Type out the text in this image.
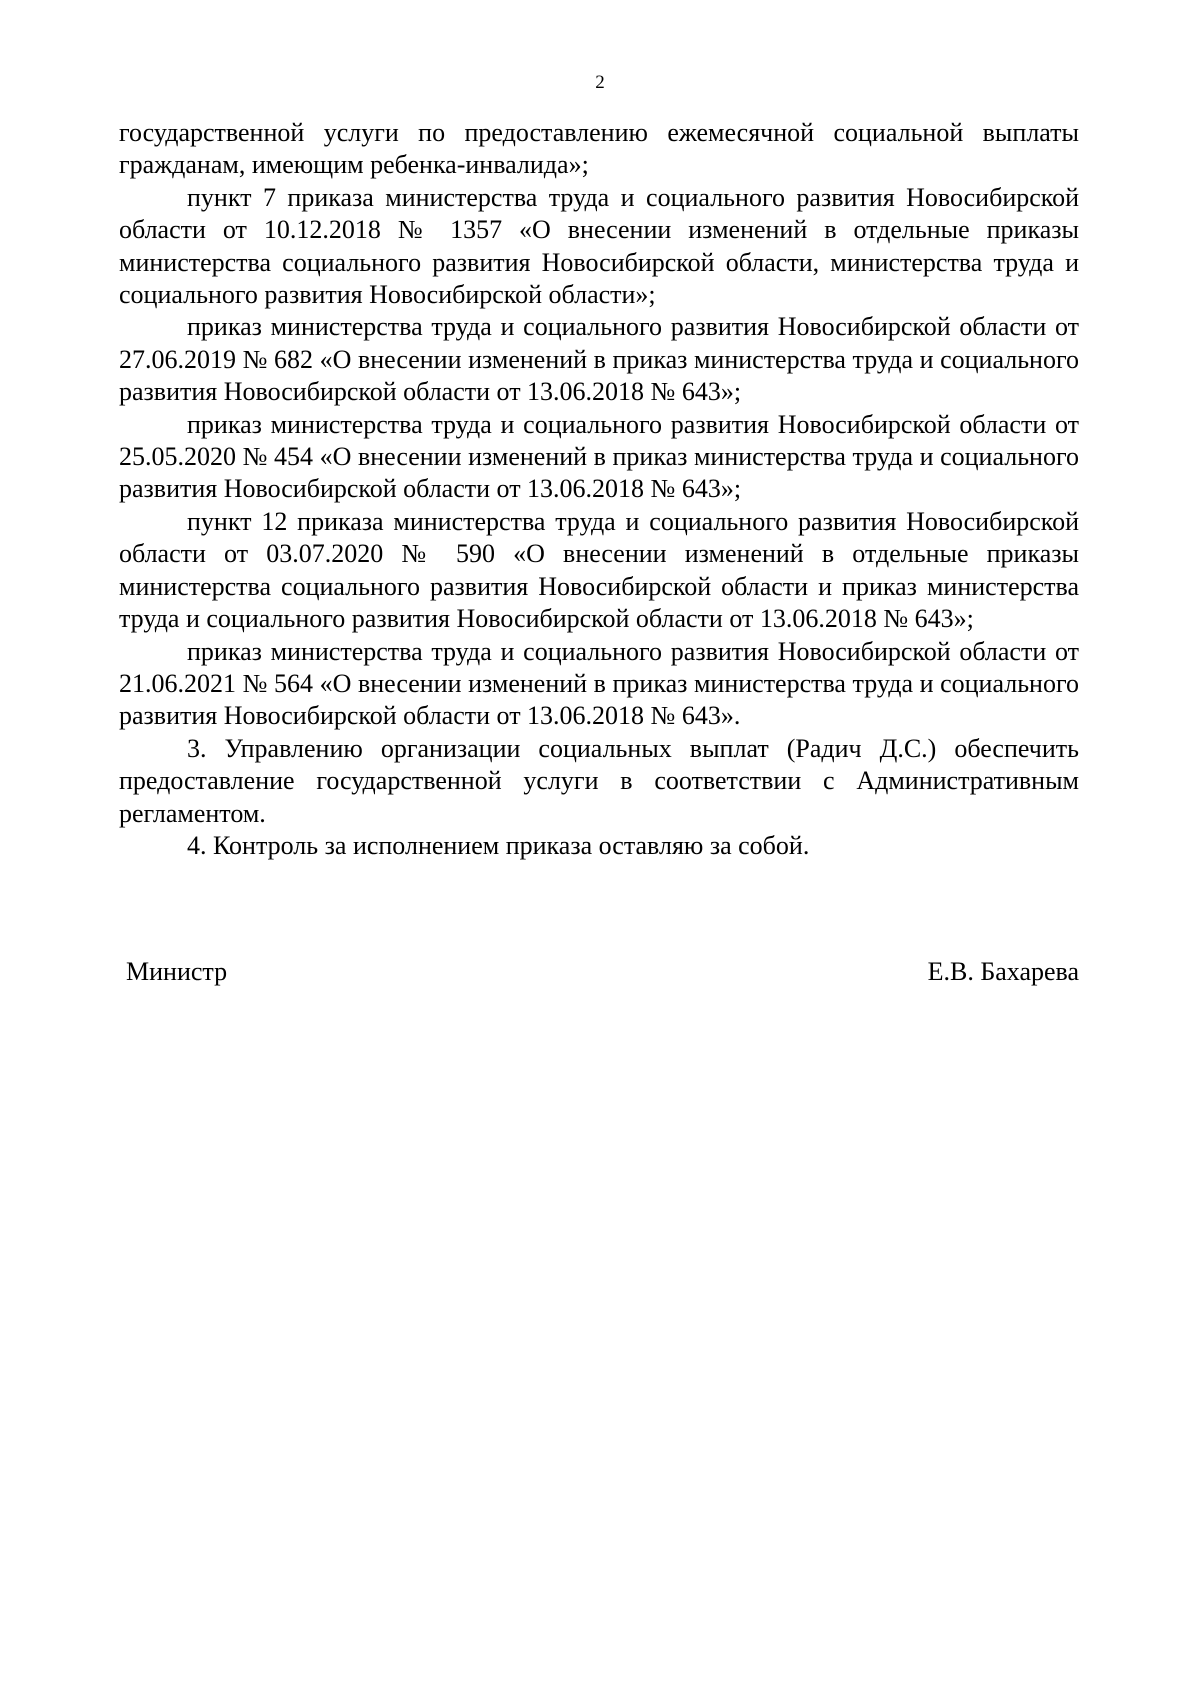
2

государственной услуги по предоставлению ежемесячной социальной выплаты гражданам, имеющим ребенка-инвалида»;

пункт 7 приказа министерства труда и социального развития Новосибирской области от 10.12.2018 № 1357 «О внесении изменений в отдельные приказы министерства социального развития Новосибирской области, министерства труда и социального развития Новосибирской области»;

приказ министерства труда и социального развития Новосибирской области от 27.06.2019 № 682 «О внесении изменений в приказ министерства труда и социального развития Новосибирской области от 13.06.2018 № 643»;

приказ министерства труда и социального развития Новосибирской области от 25.05.2020 № 454 «О внесении изменений в приказ министерства труда и социального развития Новосибирской области от 13.06.2018 № 643»;

пункт 12 приказа министерства труда и социального развития Новосибирской области от 03.07.2020 № 590 «О внесении изменений в отдельные приказы министерства социального развития Новосибирской области и приказ министерства труда и социального развития Новосибирской области от 13.06.2018 № 643»;

приказ министерства труда и социального развития Новосибирской области от 21.06.2021 № 564 «О внесении изменений в приказ министерства труда и социального развития Новосибирской области от 13.06.2018 № 643».

3. Управлению организации социальных выплат (Радич Д.С.) обеспечить предоставление государственной услуги в соответствии с Административным регламентом.

4. Контроль за исполнением приказа оставляю за собой.

Министр	Е.В. Бахарева
